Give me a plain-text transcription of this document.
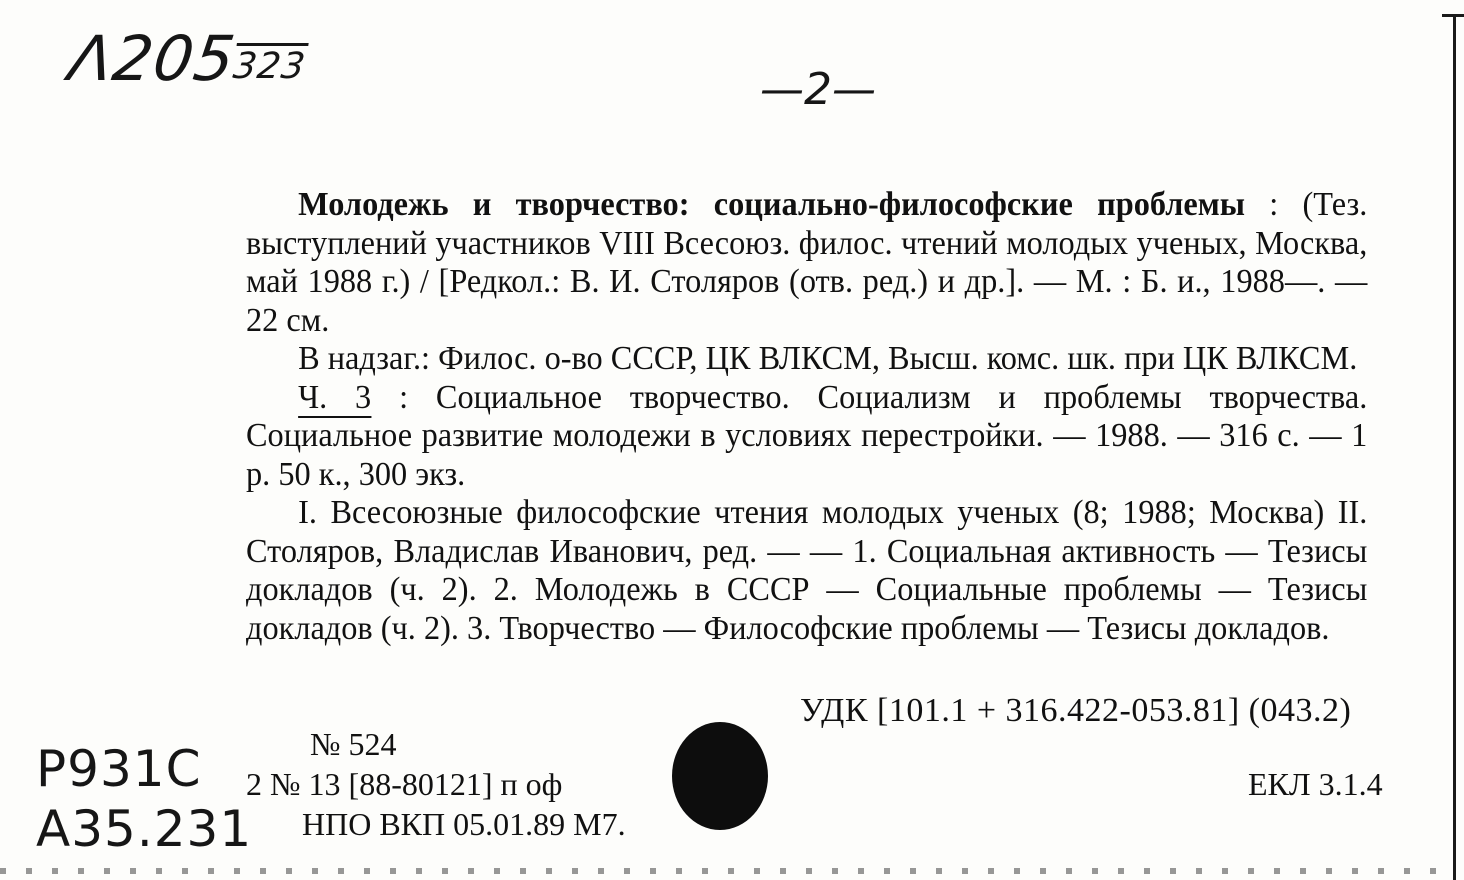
Λ205323	—2—

Молодежь и творчество: социально-философские проблемы : (Тез. выступлений участников VIII Всесоюз. филос. чтений молодых ученых, Москва, май 1988 г.) / [Редкол.: В. И. Столяров (отв. ред.) и др.]. — М. : Б. и., 1988—. — 22 см.

В надзаг.: Филос. о-во СССР, ЦК ВЛКСМ, Высш. комс. шк. при ЦК ВЛКСМ.

Ч. 3 : Социальное творчество. Социализм и проблемы творчества. Социальное развитие молодежи в условиях перестройки. — 1988. — 316 с. — 1 р. 50 к., 300 экз.

I. Всесоюзные философские чтения молодых ученых (8; 1988; Москва) II. Столяров, Владислав Иванович, ред. — — 1. Социальная активность — Тезисы докладов (ч. 2). 2. Молодежь в СССР — Социальные проблемы — Тезисы докладов (ч. 2). 3. Творчество — Философские проблемы — Тезисы докладов.

УДК [101.1 + 316.422-053.81] (043.2)
№ 524
2 № 13 [88-80121] п оф
НПО ВКП 05.01.89 М7.
ЕКЛ 3.1.4
P931C
A35.231
